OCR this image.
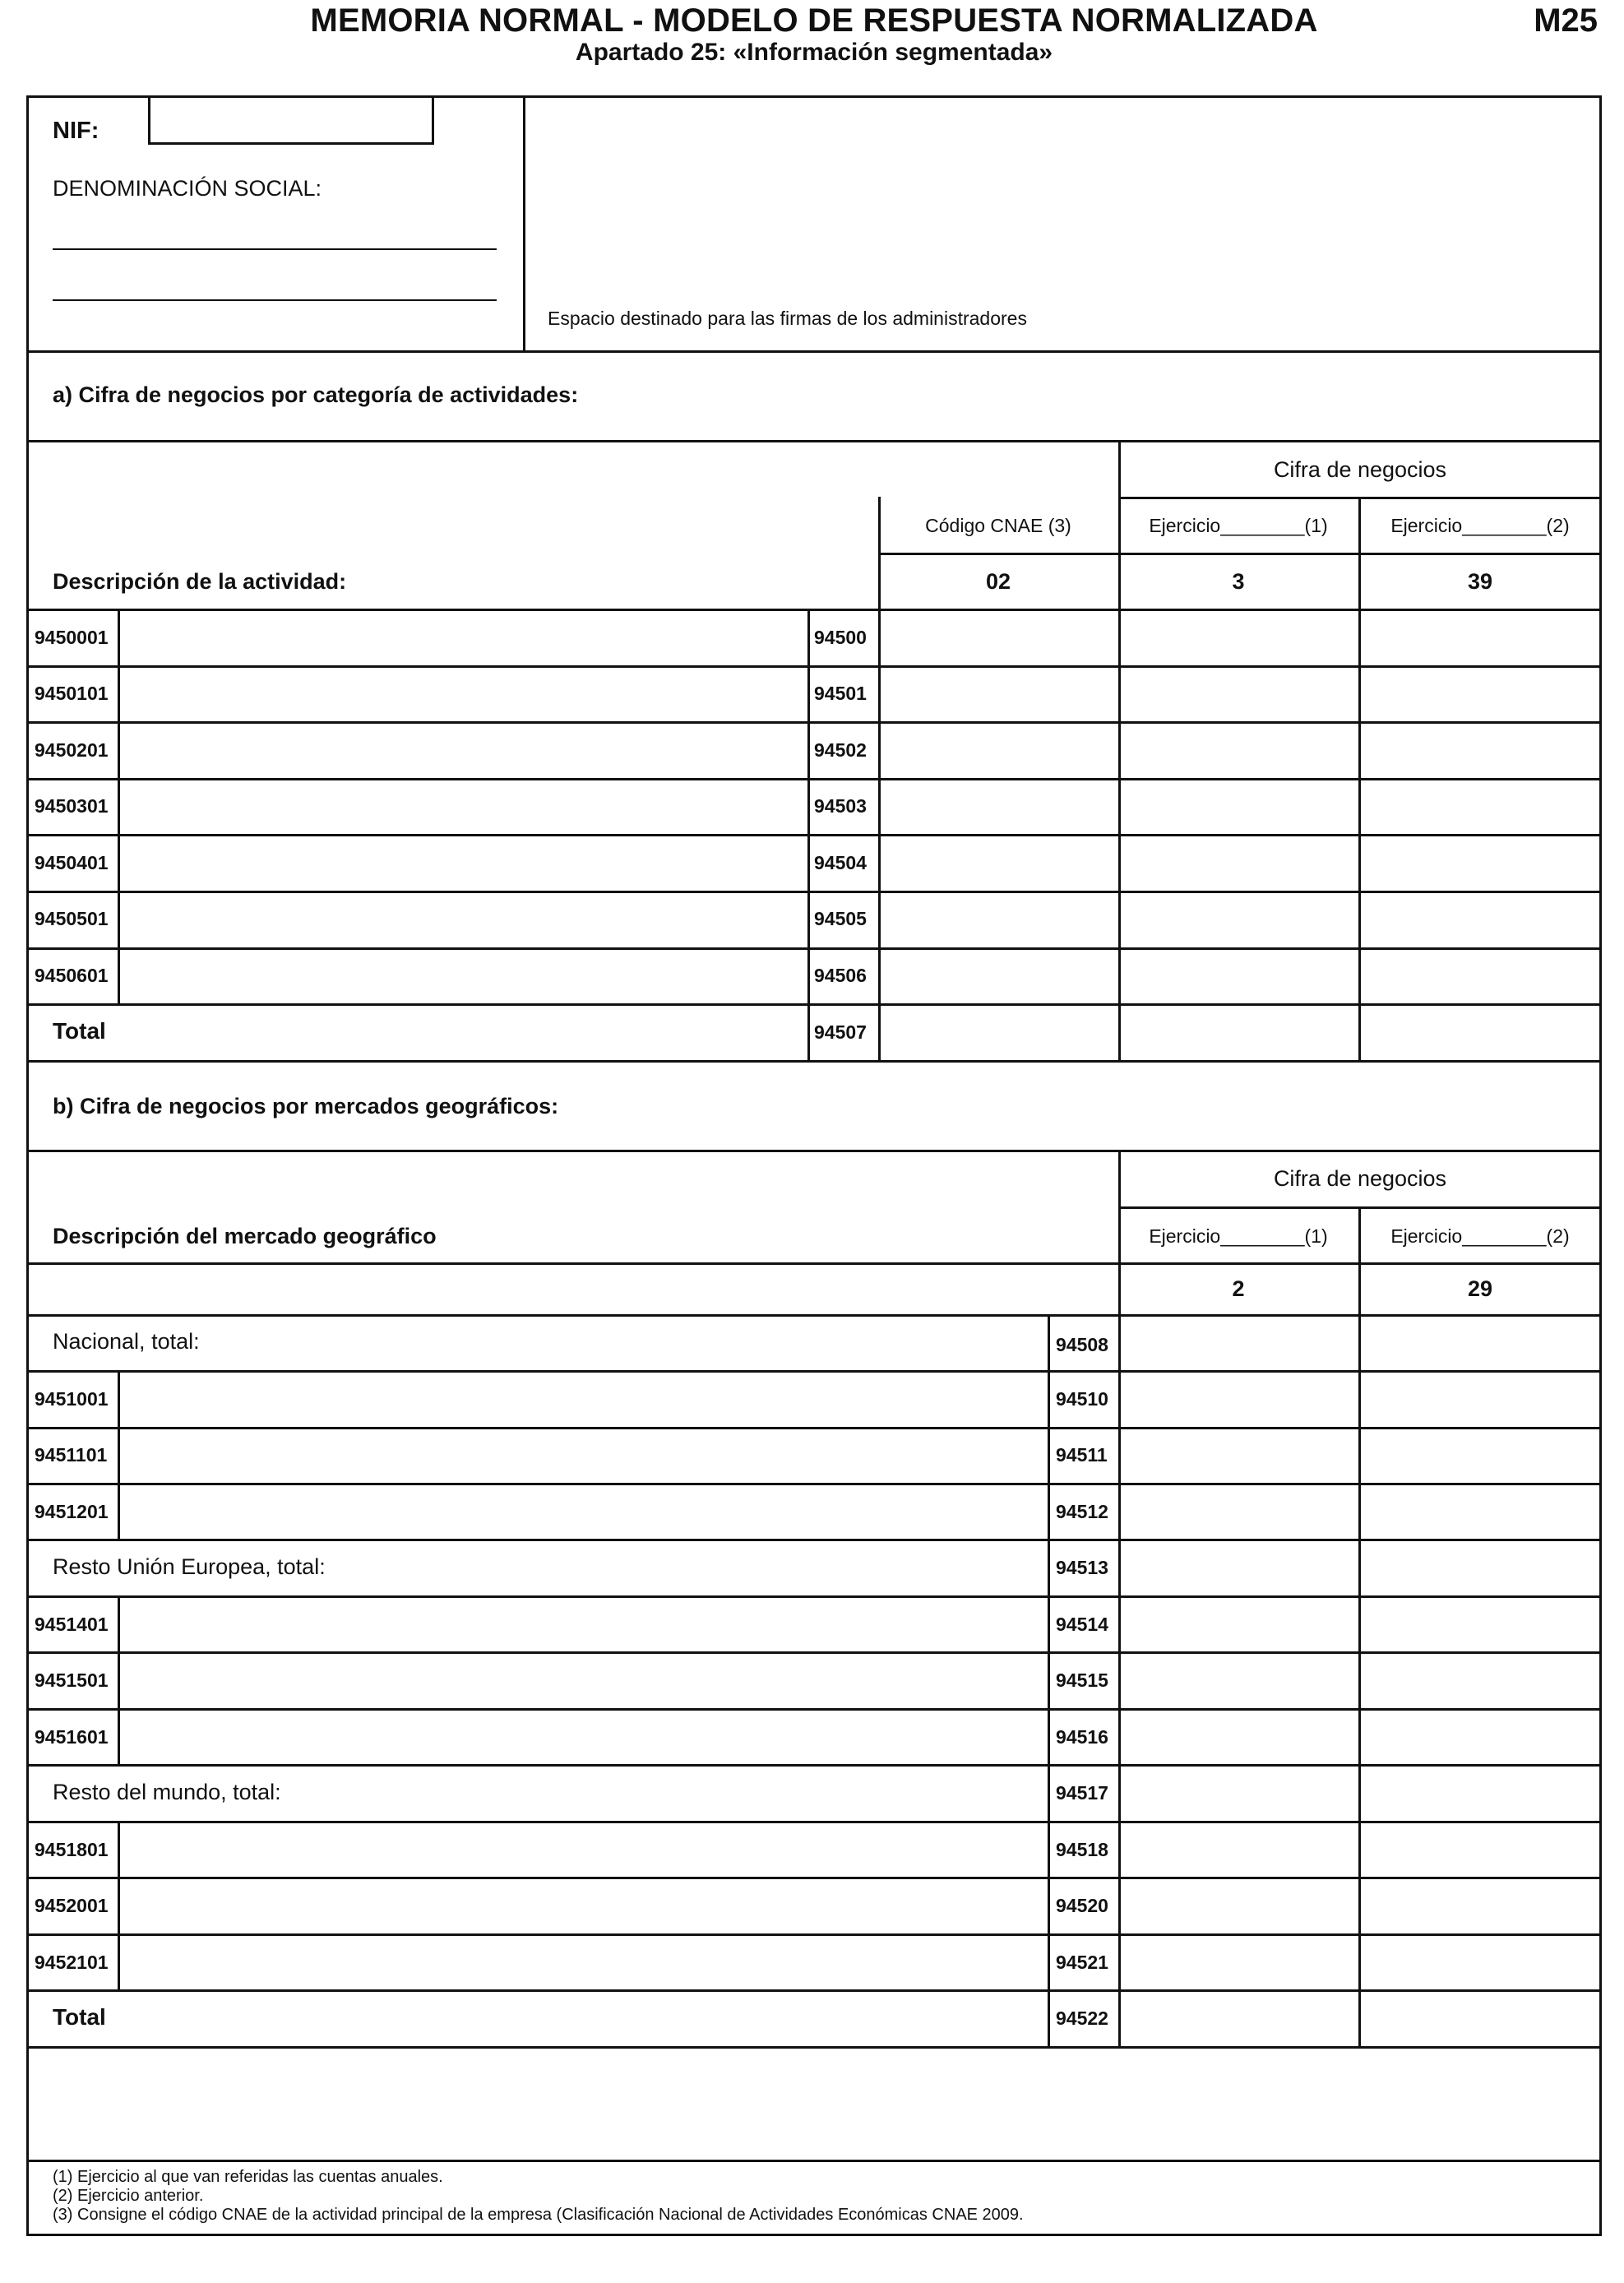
MEMORIA NORMAL - MODELO DE RESPUESTA NORMALIZADA
Apartado 25: «Información segmentada»
M25
NIF:
DENOMINACIÓN SOCIAL:
Espacio destinado para las firmas de los administradores
a) Cifra de negocios por categoría de actividades:
Cifra de negocios
Código CNAE (3)	Ejercicio________(1)	Ejercicio________(2)
Descripción de la actividad:	02	3	39
9450001	94500
9450101	94501
9450201	94502
9450301	94503
9450401	94504
9450501	94505
9450601	94506
Total	94507
b) Cifra de negocios por mercados geográficos:
Cifra de negocios
Descripción del mercado geográfico	Ejercicio________(1)	Ejercicio________(2)
2	29
Nacional, total:	94508
9451001	94510
9451101	94511
9451201	94512
Resto Unión Europea, total:	94513
9451401	94514
9451501	94515
9451601	94516
Resto del mundo, total:	94517
9451801	94518
9452001	94520
9452101	94521
Total	94522
(1) Ejercicio al que van referidas las cuentas anuales.
(2) Ejercicio anterior.
(3) Consigne el código CNAE de la actividad principal de la empresa (Clasificación Nacional de Actividades Económicas CNAE 2009.
